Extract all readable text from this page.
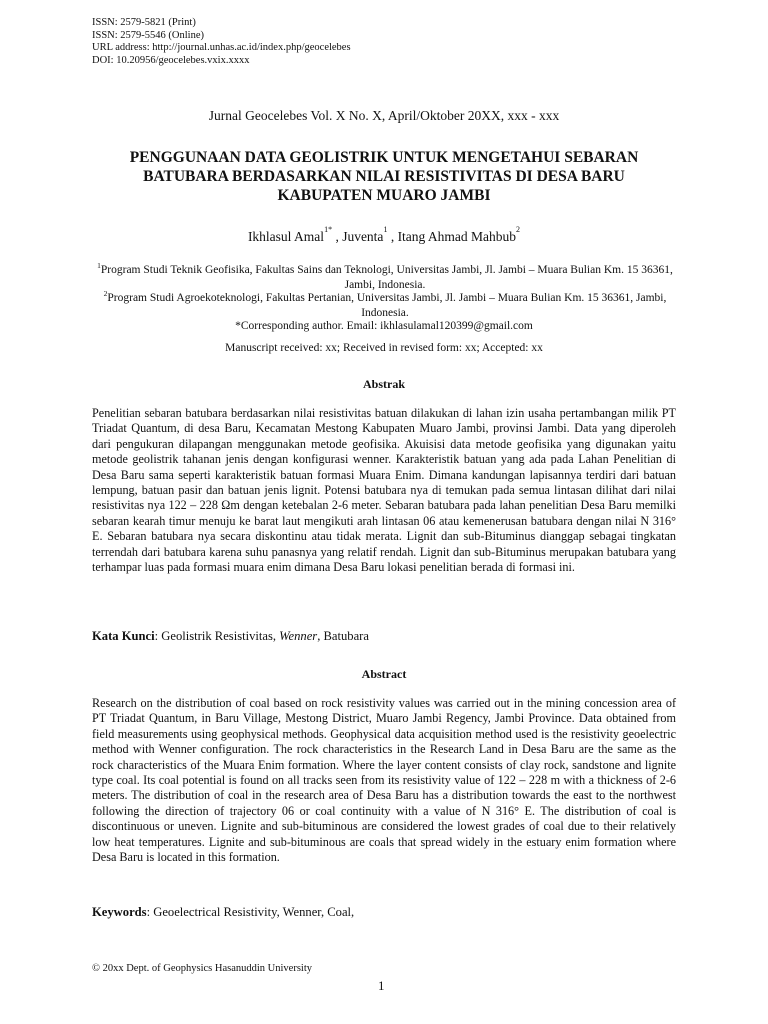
ISSN: 2579-5821 (Print)
ISSN: 2579-5546 (Online)
URL address: http://journal.unhas.ac.id/index.php/geocelebes
DOI: 10.20956/geocelebes.vxix.xxxx
Jurnal Geocelebes Vol. X No. X, April/Oktober 20XX, xxx - xxx
PENGGUNAAN DATA GEOLISTRIK UNTUK MENGETAHUI SEBARAN BATUBARA BERDASARKAN NILAI RESISTIVITAS DI DESA BARU KABUPATEN MUARO JAMBI
Ikhlasul Amal$^{1*}$ , Juventa$^1$ , Itang Ahmad Mahbub$^2$
$^1$Program Studi Teknik Geofisika, Fakultas Sains dan Teknologi, Universitas Jambi, Jl. Jambi – Muara Bulian Km. 15 36361, Jambi, Indonesia.
$^2$Program Studi Agroekoteknologi, Fakultas Pertanian, Universitas Jambi, Jl. Jambi – Muara Bulian Km. 15 36361, Jambi, Indonesia.
*Corresponding author. Email: ikhlasulamal120399@gmail.com
Manuscript received: xx; Received in revised form: xx; Accepted: xx
Abstrak
Penelitian sebaran batubara berdasarkan nilai resistivitas batuan dilakukan di lahan izin usaha pertambangan milik PT Triadat Quantum, di desa Baru, Kecamatan Mestong Kabupaten Muaro Jambi, provinsi Jambi. Data yang diperoleh dari pengukuran dilapangan menggunakan metode geofisika. Akuisisi data metode geofisika yang digunakan yaitu metode geolistrik tahanan jenis dengan konfigurasi wenner. Karakteristik batuan yang ada pada Lahan Penelitian di Desa Baru sama seperti karakteristik batuan formasi Muara Enim. Dimana kandungan lapisannya terdiri dari batuan lempung, batuan pasir dan batuan jenis lignit. Potensi batubara nya di temukan pada semua lintasan dilihat dari nilai resistivitas nya 122 – 228 Ωm dengan ketebalan 2-6 meter. Sebaran batubara pada lahan penelitian Desa Baru memilki sebaran kearah timur menuju ke barat laut mengikuti arah lintasan 06 atau kemenerusan batubara dengan nilai N 316° E. Sebaran batubara nya secara diskontinu atau tidak merata. Lignit dan sub-Bituminus dianggap sebagai tingkatan terrendah dari batubara karena suhu panasnya yang relatif rendah. Lignit dan sub-Bituminus merupakan batubara yang terhampar luas pada formasi muara enim dimana Desa Baru lokasi penelitian berada di formasi ini.
Kata Kunci: Geolistrik Resistivitas, Wenner, Batubara
Abstract
Research on the distribution of coal based on rock resistivity values was carried out in the mining concession area of PT Triadat Quantum, in Baru Village, Mestong District, Muaro Jambi Regency, Jambi Province. Data obtained from field measurements using geophysical methods. Geophysical data acquisition method used is the resistivity geoelectric method with Wenner configuration. The rock characteristics in the Research Land in Desa Baru are the same as the rock characteristics of the Muara Enim formation. Where the layer content consists of clay rock, sandstone and lignite type coal. Its coal potential is found on all tracks seen from its resistivity value of 122 – 228 m with a thickness of 2-6 meters. The distribution of coal in the research area of Desa Baru has a distribution towards the east to the northwest following the direction of trajectory 06 or coal continuity with a value of N 316° E. The distribution of coal is discontinuous or uneven. Lignite and sub-bituminous are considered the lowest grades of coal due to their relatively low heat temperatures. Lignite and sub-bituminous are coals that spread widely in the estuary enim formation where Desa Baru is located in this formation.
Keywords: Geoelectrical Resistivity, Wenner, Coal,
© 20xx Dept. of Geophysics Hasanuddin University
1
